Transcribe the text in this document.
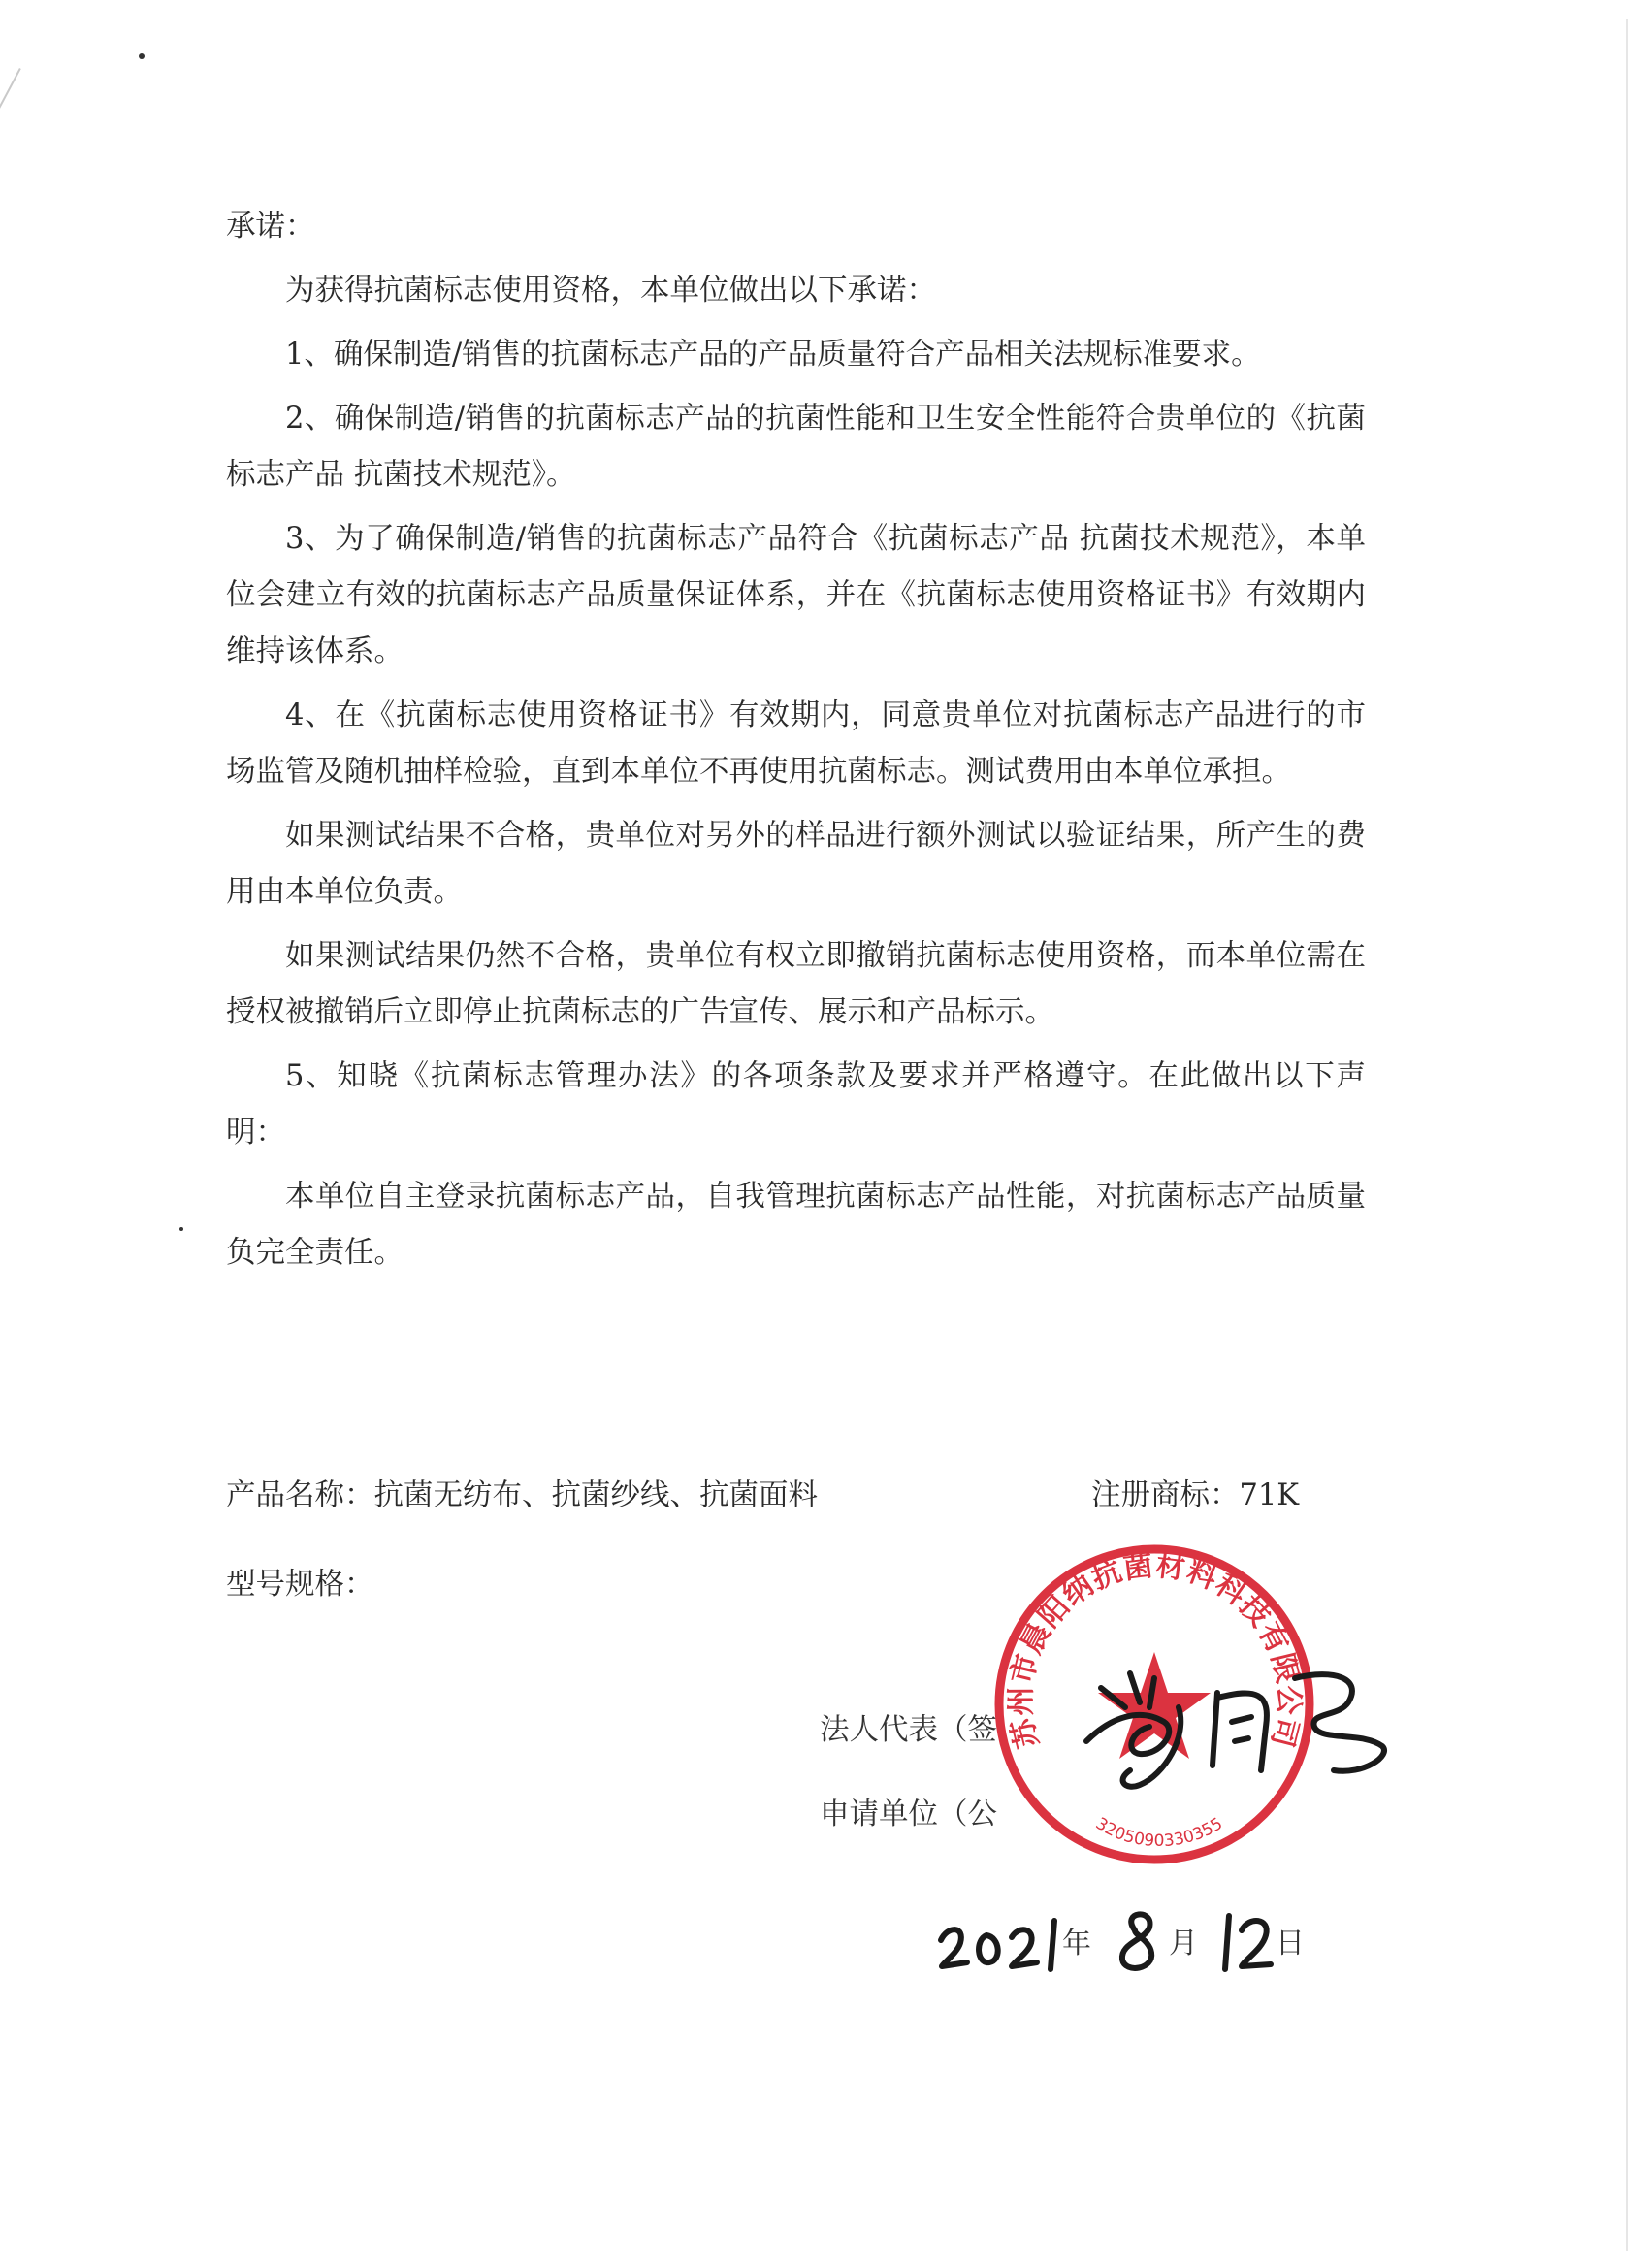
承诺：

为获得抗菌标志使用资格，本单位做出以下承诺：

1、确保制造/销售的抗菌标志产品的产品质量符合产品相关法规标准要求。

2、确保制造/销售的抗菌标志产品的抗菌性能和卫生安全性能符合贵单位的《抗菌标志产品 抗菌技术规范》。

3、为了确保制造/销售的抗菌标志产品符合《抗菌标志产品 抗菌技术规范》，本单位会建立有效的抗菌标志产品质量保证体系，并在《抗菌标志使用资格证书》有效期内维持该体系。

4、在《抗菌标志使用资格证书》有效期内，同意贵单位对抗菌标志产品进行的市场监管及随机抽样检验，直到本单位不再使用抗菌标志。测试费用由本单位承担。

如果测试结果不合格，贵单位对另外的样品进行额外测试以验证结果，所产生的费用由本单位负责。

如果测试结果仍然不合格，贵单位有权立即撤销抗菌标志使用资格，而本单位需在授权被撤销后立即停止抗菌标志的广告宣传、展示和产品标示。

5、知晓《抗菌标志管理办法》的各项条款及要求并严格遵守。在此做出以下声明：

本单位自主登录抗菌标志产品，自我管理抗菌标志产品性能，对抗菌标志产品质量负完全责任。

产品名称：抗菌无纺布、抗菌纱线、抗菌面料	注册商标：71K
型号规格：
法人代表（签
申请单位（公
苏州市晨阳纳抗菌材料科技有限公司
3205090330355
年	月	日
